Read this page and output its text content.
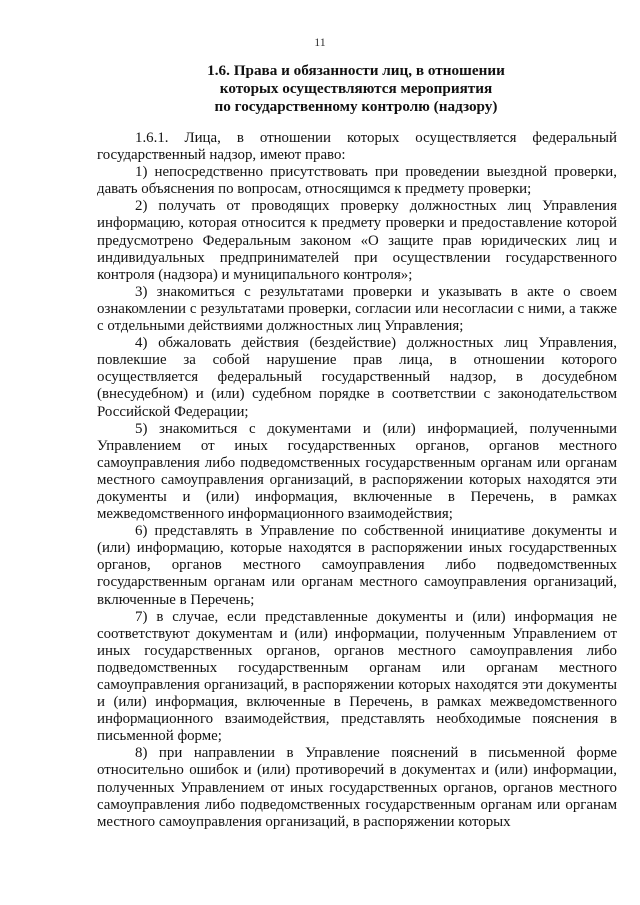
11
1.6. Права и обязанности лиц, в отношении
которых осуществляются мероприятия
по государственному контролю (надзору)

1.6.1. Лица, в отношении которых осуществляется федеральный государственный надзор, имеют право:

1) непосредственно присутствовать при проведении выездной проверки, давать объяснения по вопросам, относящимся к предмету проверки;

2) получать от проводящих проверку должностных лиц Управления информацию, которая относится к предмету проверки и предоставление которой предусмотрено Федеральным законом «О защите прав юридических лиц и индивидуальных предпринимателей при осуществлении государственного контроля (надзора) и муниципального контроля»;

3) знакомиться с результатами проверки и указывать в акте о своем ознакомлении с результатами проверки, согласии или несогласии с ними, а также с отдельными действиями должностных лиц Управления;

4) обжаловать действия (бездействие) должностных лиц Управления, повлекшие за собой нарушение прав лица, в отношении которого осуществляется федеральный государственный надзор, в досудебном (внесудебном) и (или) судебном порядке в соответствии с законодательством Российской Федерации;

5) знакомиться с документами и (или) информацией, полученными Управлением от иных государственных органов, органов местного самоуправления либо подведомственных государственным органам или органам местного самоуправления организаций, в распоряжении которых находятся эти документы и (или) информация, включенные в Перечень, в рамках межведомственного информационного взаимодействия;

6) представлять в Управление по собственной инициативе документы и (или) информацию, которые находятся в распоряжении иных государственных органов, органов местного самоуправления либо подведомственных государственным органам или органам местного самоуправления организаций, включенные в Перечень;

7) в случае, если представленные документы и (или) информация не соответствуют документам и (или) информации, полученным Управлением от иных государственных органов, органов местного самоуправления либо подведомственных государственным органам или органам местного самоуправления организаций, в распоряжении которых находятся эти документы и (или) информация, включенные в Перечень, в рамках межведомственного информационного взаимодействия, представлять необходимые пояснения в письменной форме;

8) при направлении в Управление пояснений в письменной форме относительно ошибок и (или) противоречий в документах и (или) информации, полученных Управлением от иных государственных органов, органов местного самоуправления либо подведомственных государственным органам или органам местного самоуправления организаций, в распоряжении которых
